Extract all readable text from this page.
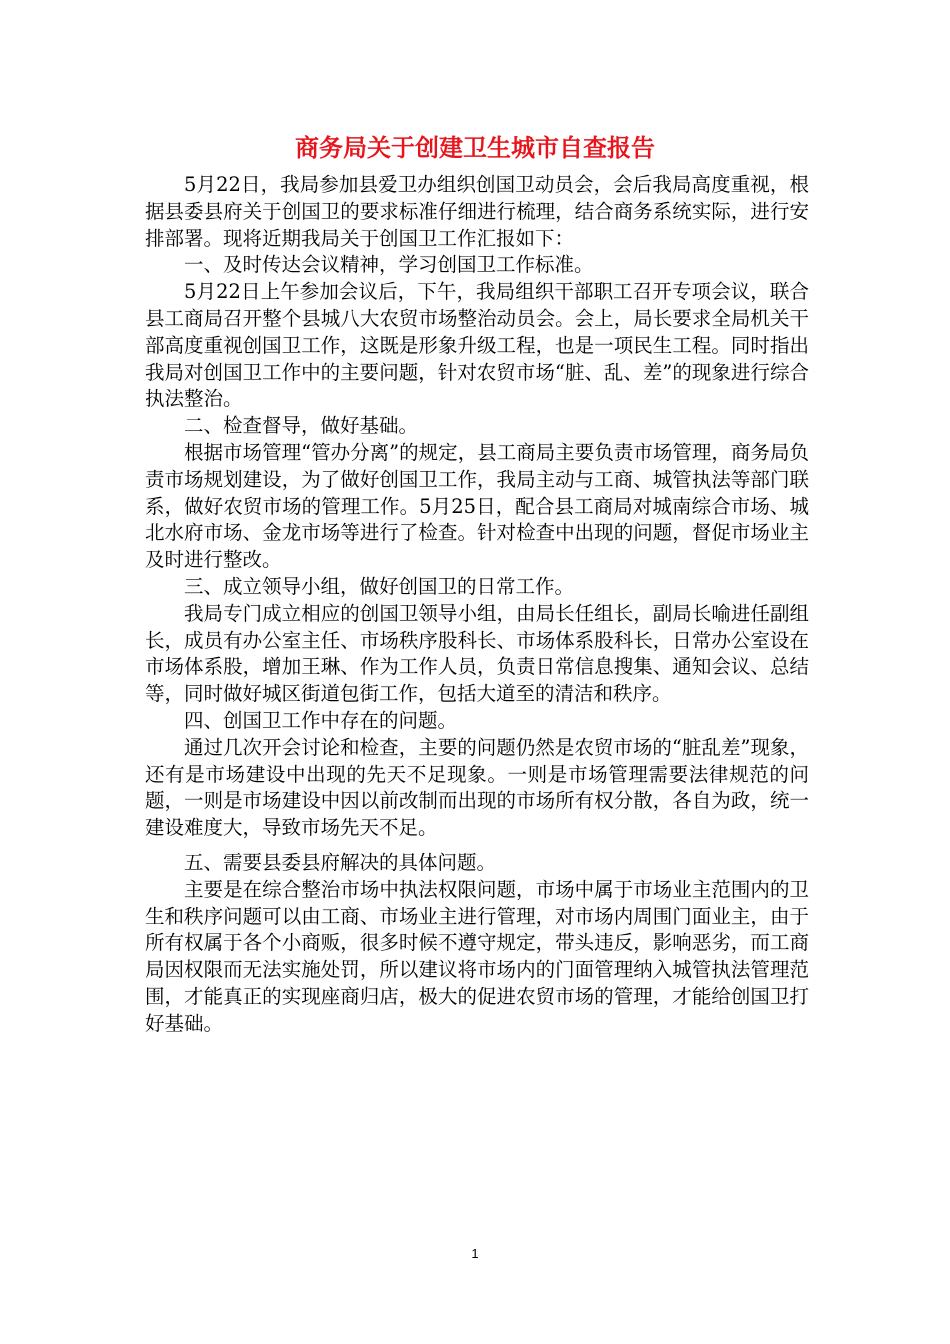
商务局关于创建卫生城市自查报告

5月22日，我局参加县爱卫办组织创国卫动员会，会后我局高度重视，根据县委县府关于创国卫的要求标准仔细进行梳理，结合商务系统实际，进行安排部署。现将近期我局关于创国卫工作汇报如下：

一、及时传达会议精神，学习创国卫工作标准。

5月22日上午参加会议后，下午，我局组织干部职工召开专项会议，联合县工商局召开整个县城八大农贸市场整治动员会。会上，局长要求全局机关干部高度重视创国卫工作，这既是形象升级工程，也是一项民生工程。同时指出我局对创国卫工作中的主要问题，针对农贸市场“脏、乱、差”的现象进行综合执法整治。

二、检查督导，做好基础。

根据市场管理“管办分离”的规定，县工商局主要负责市场管理，商务局负责市场规划建设，为了做好创国卫工作，我局主动与工商、城管执法等部门联系，做好农贸市场的管理工作。5月25日，配合县工商局对城南综合市场、城北水府市场、金龙市场等进行了检查。针对检查中出现的问题，督促市场业主及时进行整改。

三、成立领导小组，做好创国卫的日常工作。

我局专门成立相应的创国卫领导小组，由局长任组长，副局长喻进任副组长，成员有办公室主任、市场秩序股科长、市场体系股科长，日常办公室设在市场体系股，增加王琳、作为工作人员，负责日常信息搜集、通知会议、总结等，同时做好城区街道包街工作，包括大道至的清洁和秩序。

四、创国卫工作中存在的问题。

通过几次开会讨论和检查，主要的问题仍然是农贸市场的“脏乱差”现象，还有是市场建设中出现的先天不足现象。一则是市场管理需要法律规范的问题，一则是市场建设中因以前改制而出现的市场所有权分散，各自为政，统一建设难度大，导致市场先天不足。

五、需要县委县府解决的具体问题。

主要是在综合整治市场中执法权限问题，市场中属于市场业主范围内的卫生和秩序问题可以由工商、市场业主进行管理，对市场内周围门面业主，由于所有权属于各个小商贩，很多时候不遵守规定，带头违反，影响恶劣，而工商局因权限而无法实施处罚，所以建议将市场内的门面管理纳入城管执法管理范围，才能真正的实现座商归店，极大的促进农贸市场的管理，才能给创国卫打好基础。

1
